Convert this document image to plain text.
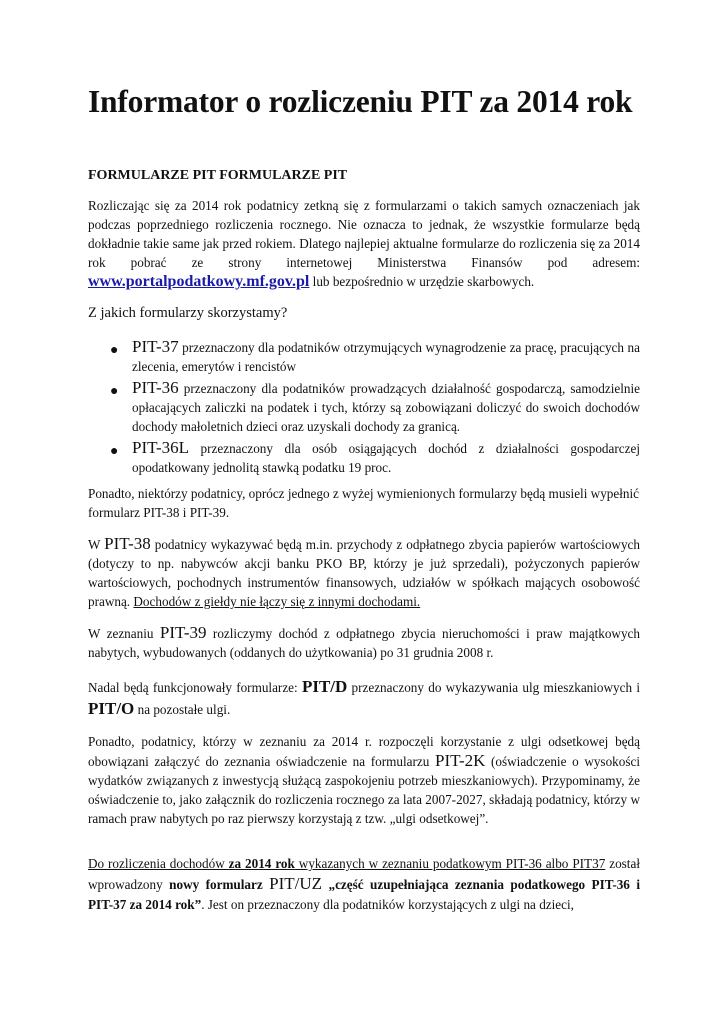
Informator o rozliczeniu PIT za 2014 rok

FORMULARZE PIT FORMULARZE PIT

Rozliczając się za 2014 rok podatnicy zetkną się z formularzami o takich samych oznaczeniach jak podczas poprzedniego rozliczenia rocznego. Nie oznacza to jednak, że wszystkie formularze będą dokładnie takie same jak przed rokiem. Dlatego najlepiej aktualne formularze do rozliczenia się za 2014 rok pobrać ze strony internetowej Ministerstwa Finansów pod adresem: www.portalpodatkowy.mf.gov.pl lub bezpośrednio w urzędzie skarbowych.

Z jakich formularzy skorzystamy?

● PIT-37 przeznaczony dla podatników otrzymujących wynagrodzenie za pracę, pracujących na zlecenia, emerytów i rencistów
● PIT-36 przeznaczony dla podatników prowadzących działalność gospodarczą, samodzielnie opłacających zaliczki na podatek i tych, którzy są zobowiązani doliczyć do swoich dochodów dochody małoletnich dzieci oraz uzyskali dochody za granicą.
● PIT-36L przeznaczony dla osób osiągających dochód z działalności gospodarczej opodatkowany jednolitą stawką podatku 19 proc.

Ponadto, niektórzy podatnicy, oprócz jednego z wyżej wymienionych formularzy będą musieli wypełnić formularz PIT-38 i PIT-39.

W PIT-38 podatnicy wykazywać będą m.in. przychody z odpłatnego zbycia papierów wartościowych (dotyczy to np. nabywców akcji banku PKO BP, którzy je już sprzedali), pożyczonych papierów wartościowych, pochodnych instrumentów finansowych, udziałów w spółkach mających osobowość prawną. Dochodów z giełdy nie łączy się z innymi dochodami.

W zeznaniu PIT-39 rozliczymy dochód z odpłatnego zbycia nieruchomości i praw majątkowych nabytych, wybudowanych (oddanych do użytkowania) po 31 grudnia 2008 r.

Nadal będą funkcjonowały formularze: PIT/D przeznaczony do wykazywania ulg mieszkaniowych i PIT/O na pozostałe ulgi.

Ponadto, podatnicy, którzy w zeznaniu za 2014 r. rozpoczęli korzystanie z ulgi odsetkowej będą obowiązani załączyć do zeznania oświadczenie na formularzu PIT-2K (oświadczenie o wysokości wydatków związanych z inwestycją służącą zaspokojeniu potrzeb mieszkaniowych). Przypominamy, że oświadczenie to, jako załącznik do rozliczenia rocznego za lata 2007-2027, składają podatnicy, którzy w ramach praw nabytych po raz pierwszy korzystają z tzw. „ulgi odsetkowej”.

Do rozliczenia dochodów za 2014 rok wykazanych w zeznaniu podatkowym PIT-36 albo PIT37 został wprowadzony nowy formularz PIT/UZ „część uzupełniająca zeznania podatkowego PIT-36 i PIT-37 za 2014 rok”. Jest on przeznaczony dla podatników korzystających z ulgi na dzieci,
